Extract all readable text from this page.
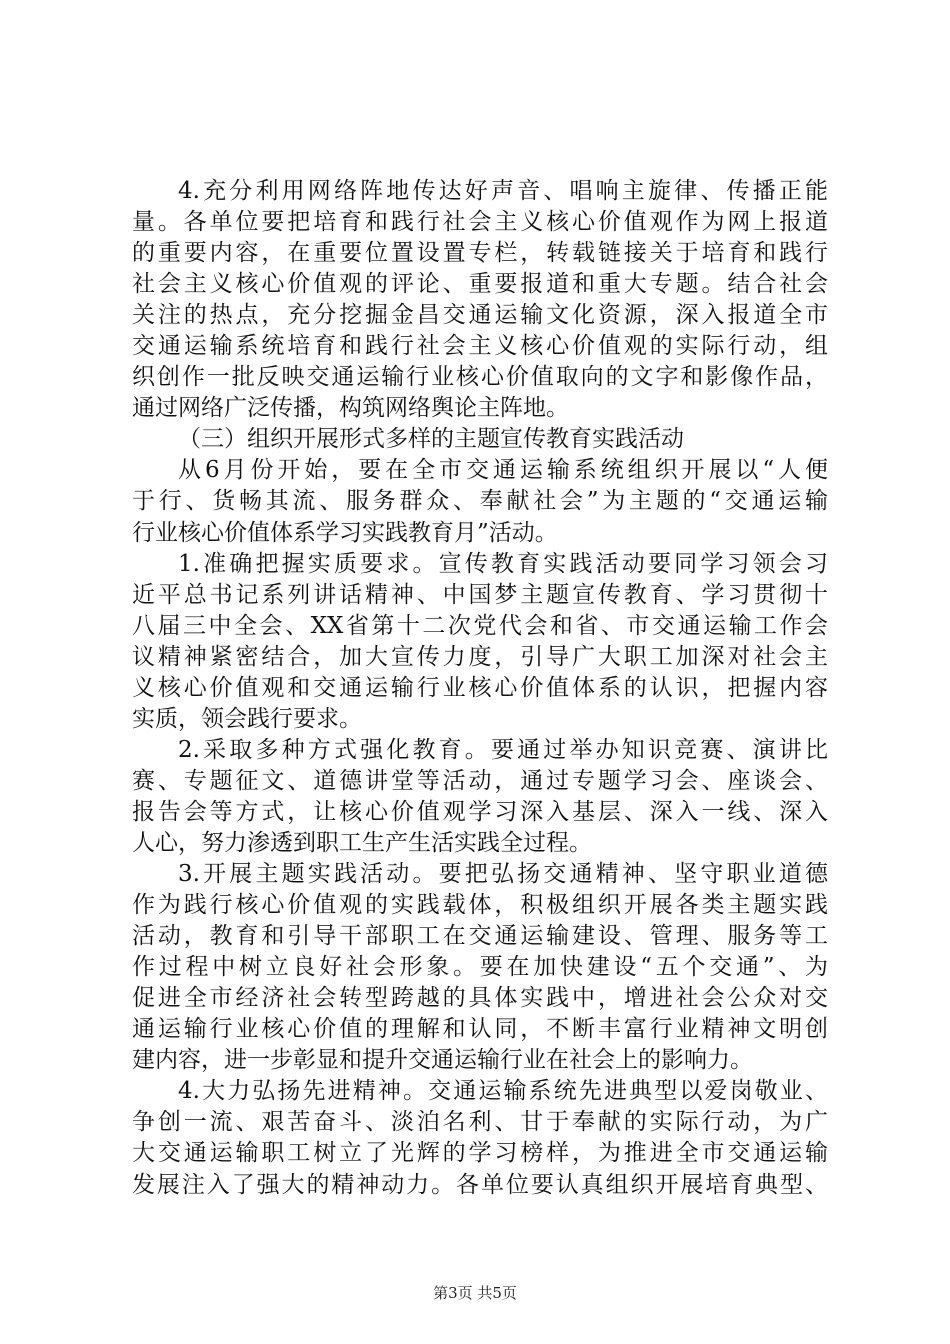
4.充分利用网络阵地传达好声音、唱响主旋律、传播正能
量。各单位要把培育和践行社会主义核心价值观作为网上报道
的重要内容，在重要位置设置专栏，转载链接关于培育和践行
社会主义核心价值观的评论、重要报道和重大专题。结合社会
关注的热点，充分挖掘金昌交通运输文化资源，深入报道全市
交通运输系统培育和践行社会主义核心价值观的实际行动，组
织创作一批反映交通运输行业核心价值取向的文字和影像作品，
通过网络广泛传播，构筑网络舆论主阵地。
（三）组织开展形式多样的主题宣传教育实践活动
从6月份开始，要在全市交通运输系统组织开展以“人便
于行、货畅其流、服务群众、奉献社会”为主题的“交通运输
行业核心价值体系学习实践教育月”活动。
1.准确把握实质要求。宣传教育实践活动要同学习领会习
近平总书记系列讲话精神、中国梦主题宣传教育、学习贯彻十
八届三中全会、XX省第十二次党代会和省、市交通运输工作会
议精神紧密结合，加大宣传力度，引导广大职工加深对社会主
义核心价值观和交通运输行业核心价值体系的认识，把握内容
实质，领会践行要求。
2.采取多种方式强化教育。要通过举办知识竞赛、演讲比
赛、专题征文、道德讲堂等活动，通过专题学习会、座谈会、
报告会等方式，让核心价值观学习深入基层、深入一线、深入
人心，努力渗透到职工生产生活实践全过程。
3.开展主题实践活动。要把弘扬交通精神、坚守职业道德
作为践行核心价值观的实践载体，积极组织开展各类主题实践
活动，教育和引导干部职工在交通运输建设、管理、服务等工
作过程中树立良好社会形象。要在加快建设“五个交通”、为
促进全市经济社会转型跨越的具体实践中，增进社会公众对交
通运输行业核心价值的理解和认同，不断丰富行业精神文明创
建内容，进一步彰显和提升交通运输行业在社会上的影响力。
4.大力弘扬先进精神。交通运输系统先进典型以爱岗敬业、
争创一流、艰苦奋斗、淡泊名利、甘于奉献的实际行动，为广
大交通运输职工树立了光辉的学习榜样，为推进全市交通运输
发展注入了强大的精神动力。各单位要认真组织开展培育典型、
第3页 共5页
